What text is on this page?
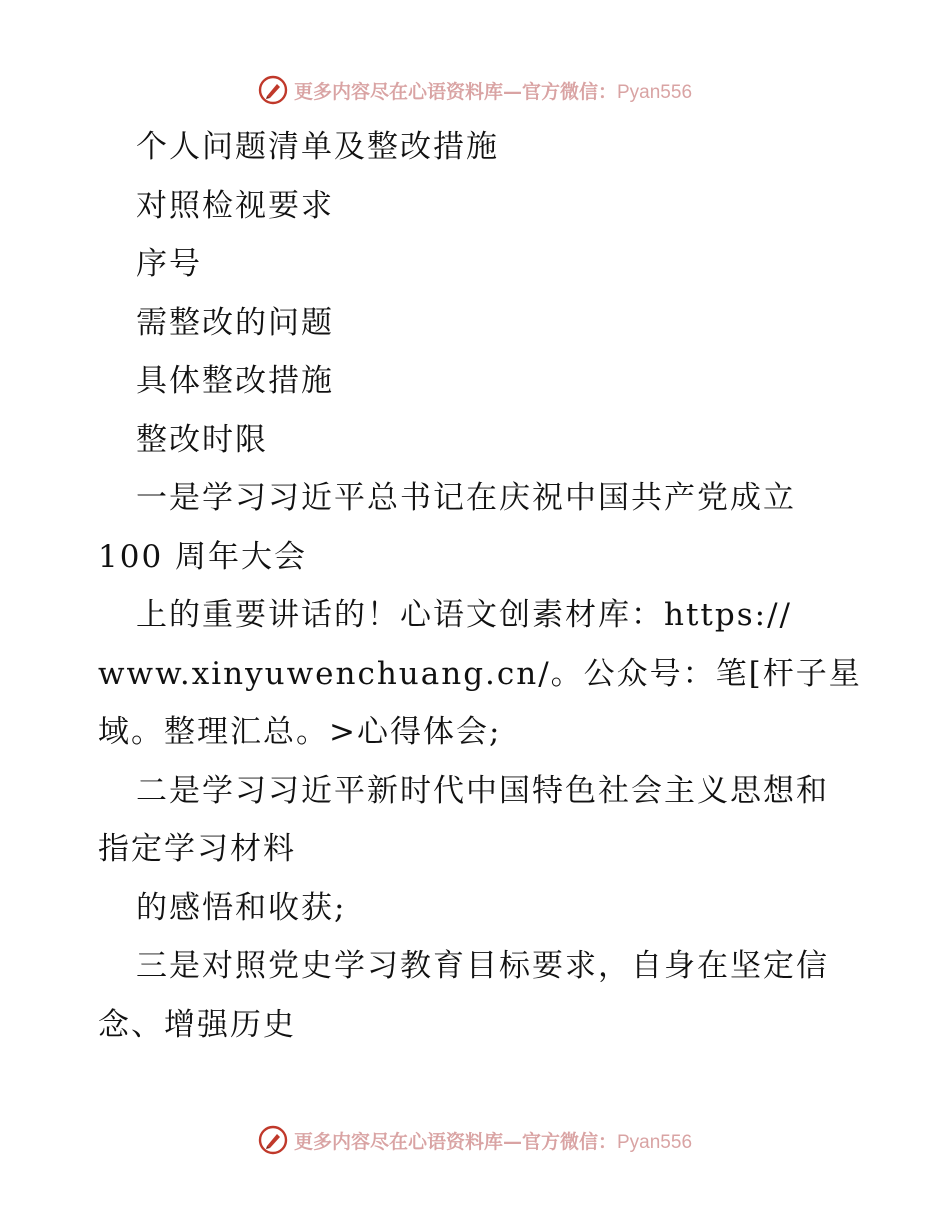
更多内容尽在心语资料库—官方微信：Pyan556
个人问题清单及整改措施
对照检视要求
序号
需整改的问题
具体整改措施
整改时限
一是学习习近平总书记在庆祝中国共产党成立
100 周年大会
上的重要讲话的！心语文创素材库：https://
www.xinyuwenchuang.cn/。公众号：笔[杆子星
域。整理汇总。>心得体会;
二是学习习近平新时代中国特色社会主义思想和
指定学习材料
的感悟和收获;
三是对照党史学习教育目标要求，自身在坚定信
念、增强历史
更多内容尽在心语资料库—官方微信：Pyan556
